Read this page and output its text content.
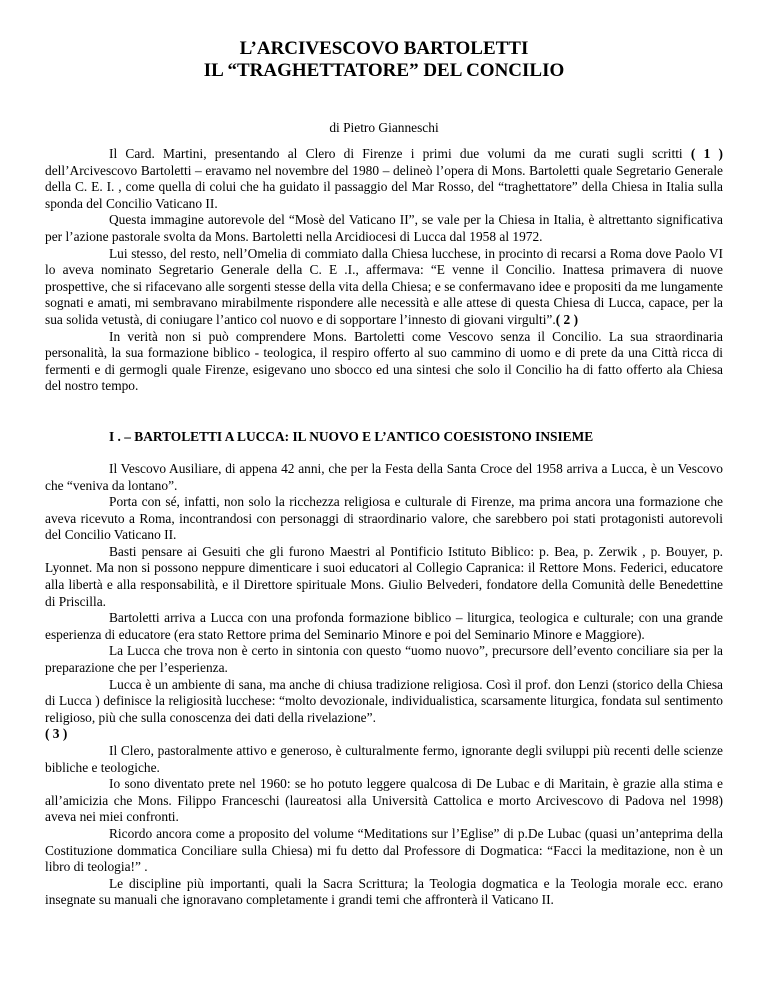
L’ARCIVESCOVO BARTOLETTI
IL “TRAGHETTATORE” DEL CONCILIO
di Pietro Gianneschi

Il Card. Martini, presentando al Clero di Firenze i primi due volumi da me curati sugli scritti ( 1 ) dell’Arcivescovo Bartoletti – eravamo nel novembre del 1980 – delineò l’opera di Mons. Bartoletti quale Segretario Generale della C. E. I. , come quella di colui che ha guidato il passaggio del Mar Rosso, del “traghettatore” della Chiesa in Italia sulla sponda del Concilio Vaticano II.

Questa immagine autorevole del “Mosè del Vaticano II”, se vale per la Chiesa in Italia, è altrettanto significativa per l’azione pastorale svolta da Mons. Bartoletti nella Arcidiocesi di Lucca dal 1958 al 1972.

Lui stesso, del resto, nell’Omelia di commiato dalla Chiesa lucchese, in procinto di recarsi a Roma dove Paolo VI lo aveva nominato Segretario Generale della C. E .I., affermava: “E venne il Concilio. Inattesa primavera di nuove prospettive, che si rifacevano alle sorgenti stesse della vita della Chiesa; e se confermavano idee e propositi da me lungamente sognati e amati, mi sembravano mirabilmente rispondere alle necessità e alle attese di questa Chiesa di Lucca, capace, per la sua solida vetustà, di coniugare l’antico col nuovo e di sopportare l’innesto di giovani virgulti”.( 2 )

In verità non si può comprendere Mons. Bartoletti come Vescovo senza il Concilio. La sua straordinaria personalità, la sua formazione biblico - teologica, il respiro offerto al suo cammino di uomo e di prete da una Città ricca di fermenti e di germogli quale Firenze, esigevano uno sbocco ed una sintesi che solo il Concilio ha di fatto offerto ala Chiesa del nostro tempo.

I . – BARTOLETTI A LUCCA: IL NUOVO E L’ANTICO COESISTONO INSIEME

Il Vescovo Ausiliare, di appena 42 anni, che per la Festa della Santa Croce del 1958 arriva a Lucca, è un Vescovo che “veniva da lontano”.

Porta con sé, infatti, non solo la ricchezza religiosa e culturale di Firenze, ma prima ancora una formazione che aveva ricevuto a Roma, incontrandosi con personaggi di straordinario valore, che sarebbero poi stati protagonisti autorevoli del Concilio Vaticano II.

Basti pensare ai Gesuiti che gli furono Maestri al Pontificio Istituto Biblico: p. Bea, p. Zerwik , p. Bouyer, p. Lyonnet. Ma non si possono neppure dimenticare i suoi educatori al Collegio Capranica: il Rettore Mons. Federici, educatore alla libertà e alla responsabilità, e il Direttore spirituale Mons. Giulio Belvederi, fondatore della Comunità delle Benedettine di Priscilla.

Bartoletti arriva a Lucca con una profonda formazione biblico – liturgica, teologica e culturale; con una grande esperienza di educatore (era stato Rettore prima del Seminario Minore e poi del Seminario Minore e Maggiore).

La Lucca che trova non è certo in sintonia con questo “uomo nuovo”, precursore dell’evento conciliare sia per la preparazione che per l’esperienza.

Lucca è un ambiente di sana, ma anche di chiusa tradizione religiosa. Così il prof. don Lenzi (storico della Chiesa di Lucca ) definisce la religiosità lucchese: “molto devozionale, individualistica, scarsamente liturgica, fondata sul sentimento religioso, più che sulla conoscenza dei dati della rivelazione”.
( 3 )

Il Clero, pastoralmente attivo e generoso, è culturalmente fermo, ignorante degli sviluppi più recenti delle scienze bibliche e teologiche.

Io sono diventato prete nel 1960: se ho potuto leggere qualcosa di De Lubac e di Maritain, è grazie alla stima e all’amicizia che Mons. Filippo Franceschi (laureatosi alla Università Cattolica e morto Arcivescovo di Padova nel 1998) aveva nei miei confronti.

Ricordo ancora come a proposito del volume “Meditations sur l’Eglise” di p.De Lubac (quasi un’anteprima della Costituzione dommatica Conciliare sulla Chiesa) mi fu detto dal Professore di Dogmatica: “Facci la meditazione, non è un libro di teologia!” .

Le discipline più importanti, quali la Sacra Scrittura; la Teologia dogmatica e la Teologia morale ecc. erano insegnate su manuali che ignoravano completamente i grandi temi che affronterà il Vaticano II.
